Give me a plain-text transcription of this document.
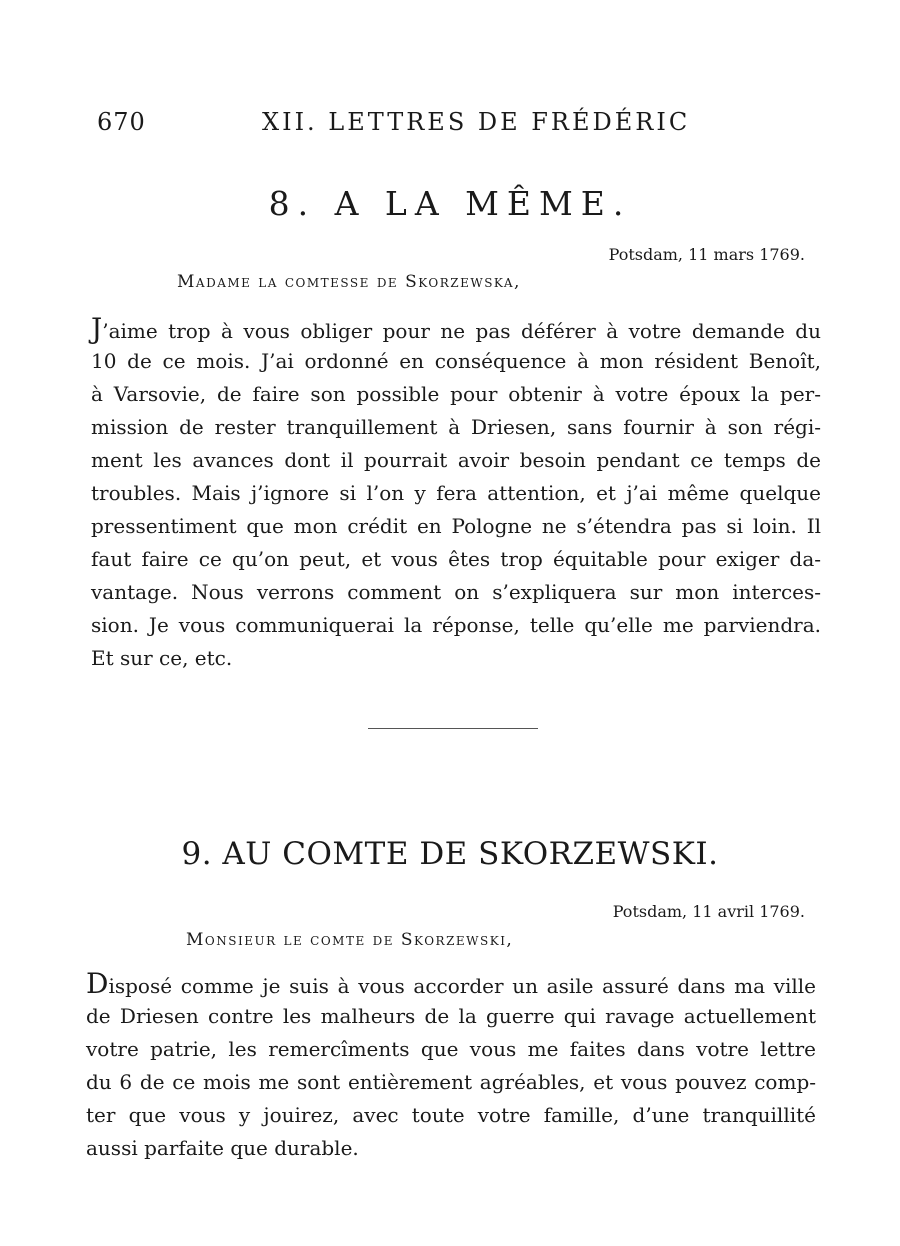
670	XII. LETTRES DE FRÉDÉRIC
8. A LA MÊME.
Potsdam, 11 mars 1769.
Madame la comtesse de Skorzewska,
J’aime trop à vous obliger pour ne pas déférer à votre demande du
10 de ce mois. J’ai ordonné en conséquence à mon résident Benoît,
à Varsovie, de faire son possible pour obtenir à votre époux la per-
mission de rester tranquillement à Driesen, sans fournir à son régi-
ment les avances dont il pourrait avoir besoin pendant ce temps de
troubles. Mais j’ignore si l’on y fera attention, et j’ai même quelque
pressentiment que mon crédit en Pologne ne s’étendra pas si loin. Il
faut faire ce qu’on peut, et vous êtes trop équitable pour exiger da-
vantage. Nous verrons comment on s’expliquera sur mon interces-
sion. Je vous communiquerai la réponse, telle qu’elle me parviendra.
Et sur ce, etc.
9. AU COMTE DE SKORZEWSKI.
Potsdam, 11 avril 1769.
Monsieur le comte de Skorzewski,
Disposé comme je suis à vous accorder un asile assuré dans ma ville
de Driesen contre les malheurs de la guerre qui ravage actuellement
votre patrie, les remercîments que vous me faites dans votre lettre
du 6 de ce mois me sont entièrement agréables, et vous pouvez comp-
ter que vous y jouirez, avec toute votre famille, d’une tranquillité
aussi parfaite que durable.
